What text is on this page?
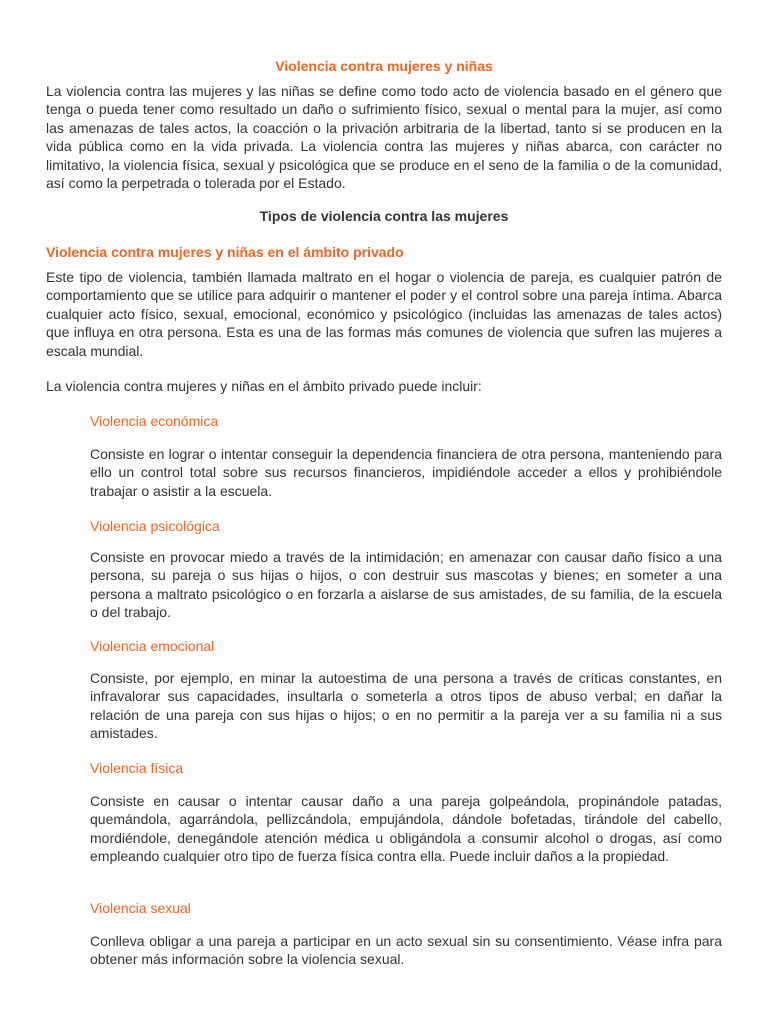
Violencia contra mujeres y niñas

La violencia contra las mujeres y las niñas se define como todo acto de violencia basado en el género que tenga o pueda tener como resultado un daño o sufrimiento físico, sexual o mental para la mujer, así como las amenazas de tales actos, la coacción o la privación arbitraria de la libertad, tanto si se producen en la vida pública como en la vida privada. La violencia contra las mujeres y niñas abarca, con carácter no limitativo, la violencia física, sexual y psicológica que se produce en el seno de la familia o de la comunidad, así como la perpetrada o tolerada por el Estado.

Tipos de violencia contra las mujeres
Violencia contra mujeres y niñas en el ámbito privado

Este tipo de violencia, también llamada maltrato en el hogar o violencia de pareja, es cualquier patrón de comportamiento que se utilice para adquirir o mantener el poder y el control sobre una pareja íntima. Abarca cualquier acto físico, sexual, emocional, económico y psicológico (incluidas las amenazas de tales actos) que influya en otra persona. Esta es una de las formas más comunes de violencia que sufren las mujeres a escala mundial.

La violencia contra mujeres y niñas en el ámbito privado puede incluir:

Violencia económica

Consiste en lograr o intentar conseguir la dependencia financiera de otra persona, manteniendo para ello un control total sobre sus recursos financieros, impidiéndole acceder a ellos y prohibiéndole trabajar o asistir a la escuela.

Violencia psicológica

Consiste en provocar miedo a través de la intimidación; en amenazar con causar daño físico a una persona, su pareja o sus hijas o hijos, o con destruir sus mascotas y bienes; en someter a una persona a maltrato psicológico o en forzarla a aislarse de sus amistades, de su familia, de la escuela o del trabajo.

Violencia emocional

Consiste, por ejemplo, en minar la autoestima de una persona a través de críticas constantes, en infravalorar sus capacidades, insultarla o someterla a otros tipos de abuso verbal; en dañar la relación de una pareja con sus hijas o hijos; o en no permitir a la pareja ver a su familia ni a sus amistades.

Violencia física

Consiste en causar o intentar causar daño a una pareja golpeándola, propinándole patadas, quemándola, agarrándola, pellizcándola, empujándola, dándole bofetadas, tirándole del cabello, mordiéndole, denegándole atención médica u obligándola a consumir alcohol o drogas, así como empleando cualquier otro tipo de fuerza física contra ella. Puede incluir daños a la propiedad.

Violencia sexual

Conlleva obligar a una pareja a participar en un acto sexual sin su consentimiento. Véase infra para obtener más información sobre la violencia sexual.
